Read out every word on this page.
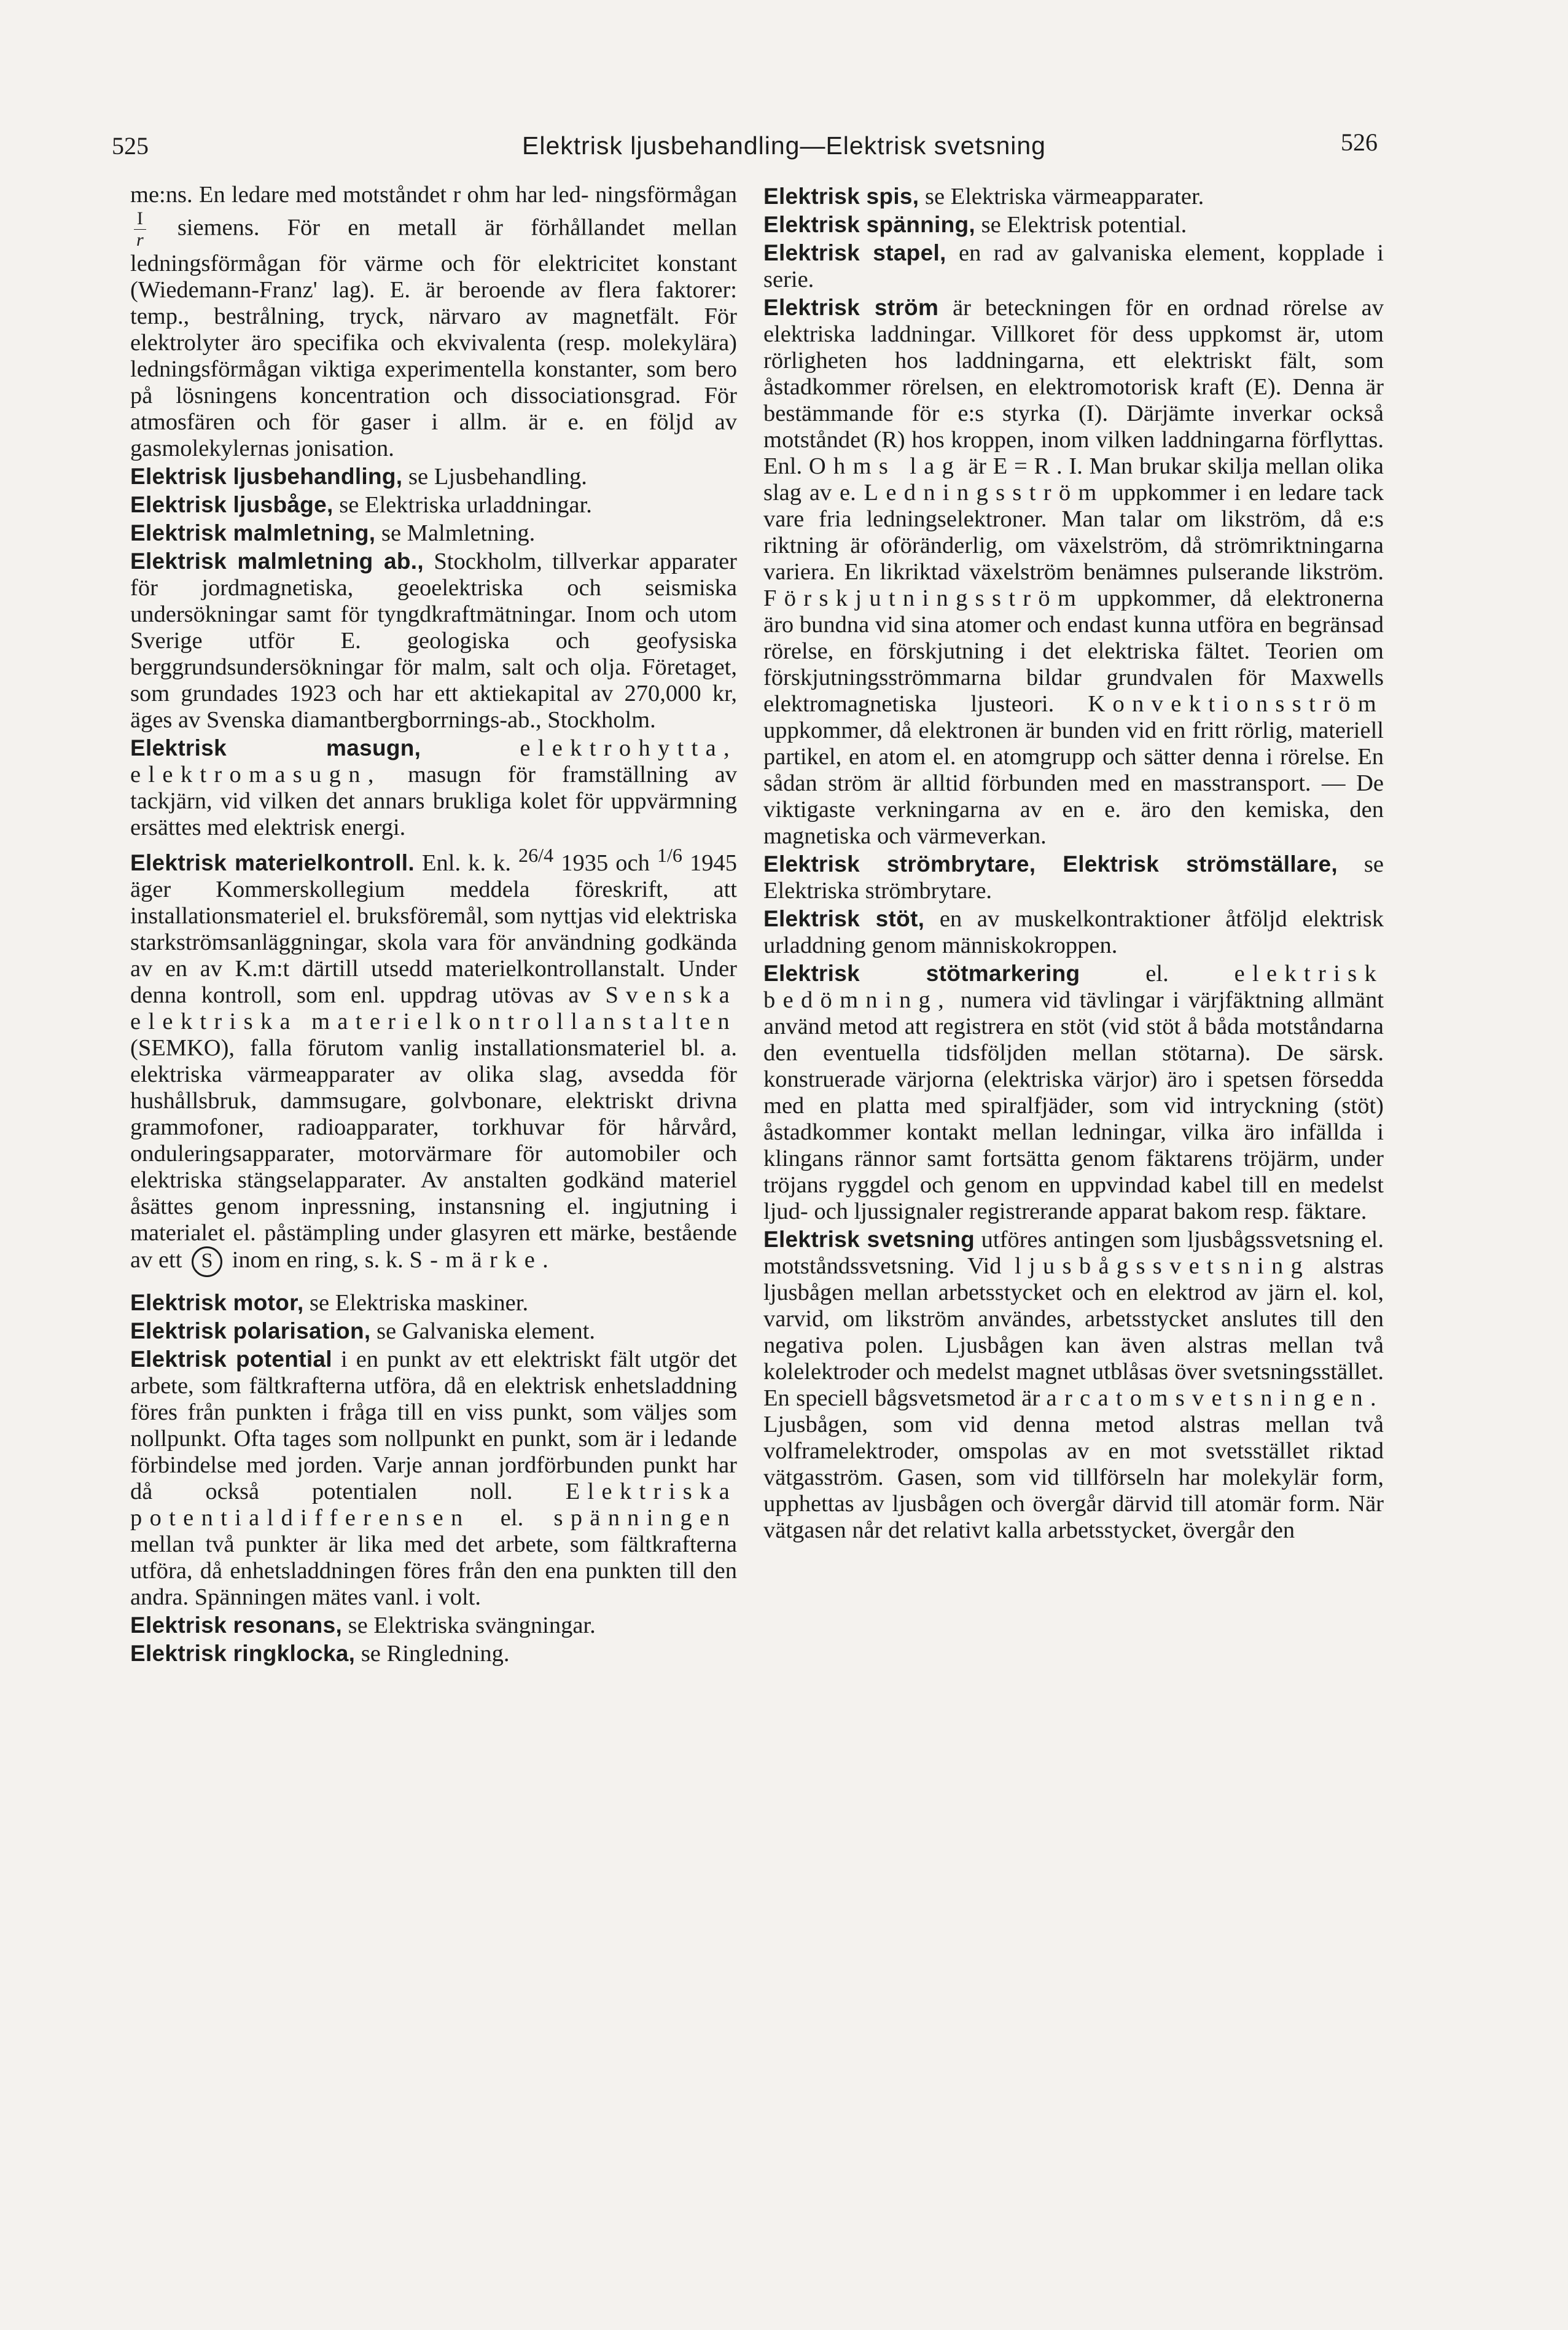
525	Elektrisk ljusbehandling—Elektrisk svetsning	526

me:ns. En ledare med motståndet r ohm har led- ningsförmågan
$\frac{I}{r}$ siemens. För en metall är förhållandet mellan ledningsförmågan för värme och för elektricitet konstant (Wiedemann-Franz' lag). E. är beroende av flera faktorer: temp., bestrålning, tryck, närvaro av magnetfält. För elektrolyter äro specifika och ekvivalenta (resp. molekylära) ledningsförmågan viktiga experimentella konstanter, som bero på lösningens koncentration och dissociationsgrad. För atmosfären och för gaser i allm. är e. en följd av gasmolekylernas jonisation.

Elektrisk ljusbehandling, se Ljusbehandling.

Elektrisk ljusbåge, se Elektriska urladdningar.

Elektrisk malmletning, se Malmletning.

Elektrisk malmletning ab., Stockholm, tillverkar apparater för jordmagnetiska, geoelektriska och seismiska undersökningar samt för tyngdkraftmätningar. Inom och utom Sverige utför E. geologiska och geofysiska berggrundsundersökningar för malm, salt och olja. Företaget, som grundades 1923 och har ett aktiekapital av 270,000 kr, äges av Svenska diamantbergborrnings-ab., Stockholm.

Elektrisk masugn,	elektrohytta, elektromasugn, masugn för framställning av tackjärn, vid vilken det annars brukliga kolet för uppvärmning ersättes med elektrisk energi.

Elektrisk materielkontroll. Enl. k. k. $^{26/4}$ 1935 och $^{1/6}$ 1945 äger Kommerskollegium meddela föreskrift, att installationsmateriel el. bruksföremål, som nyttjas vid elektriska starkströmsanläggningar, skola vara för användning godkända av en av K.m:t därtill utsedd materielkontrollanstalt. Under denna kontroll, som enl. uppdrag utövas av Svenska elektriska materielkontrollanstalten (SEMKO), falla förutom vanlig installationsmateriel bl. a. elektriska värmeapparater av olika slag, avsedda för hushållsbruk, dammsugare, golvbonare, elektriskt drivna grammofoner, radioapparater, torkhuvar för hårvård, onduleringsapparater, motorvärmare för automobiler och elektriska stängselapparater. Av anstalten godkänd materiel åsättes genom inpressning, instansning el. ingjutning i materialet el. påstämpling under glasyren ett märke, bestående av ett S inom en ring, s. k. S-märke.

Elektrisk motor, se Elektriska maskiner.

Elektrisk polarisation, se Galvaniska element.

Elektrisk potential i en punkt av ett elektriskt fält utgör det arbete, som fältkrafterna utföra, då en elektrisk enhetsladdning föres från punkten i fråga till en viss punkt, som väljes som nollpunkt. Ofta tages som nollpunkt en punkt, som är i ledande förbindelse med jorden. Varje annan jordförbunden punkt har då också potentialen noll. Elektriska potentialdifferensen el. spänningen mellan två punkter är lika med det arbete, som fältkrafterna utföra, då enhetsladdningen föres från den ena punkten till den andra. Spänningen mätes vanl. i volt.

Elektrisk resonans, se Elektriska svängningar.

Elektrisk ringklocka, se Ringledning.

Elektrisk spis, se Elektriska värmeapparater.

Elektrisk spänning, se Elektrisk potential.

Elektrisk stapel, en rad av galvaniska element, kopplade i serie.

Elektrisk ström är beteckningen för en ordnad rörelse av elektriska laddningar. Villkoret för dess uppkomst är, utom rörligheten hos laddningarna, ett elektriskt fält, som åstadkommer rörelsen, en elektromotorisk kraft (E). Denna är bestämmande för e:s styrka (I). Därjämte inverkar också motståndet (R) hos kroppen, inom vilken laddningarna förflyttas. Enl. Ohms lag är E = R . I. Man brukar skilja mellan olika slag av e. Ledningsström uppkommer i en ledare tack vare fria ledningselektroner. Man talar om likström, då e:s riktning är oföränderlig, om växelström, då strömriktningarna variera. En likriktad växelström benämnes pulserande likström. Förskjutningsström uppkommer, då elektronerna äro bundna vid sina atomer och endast kunna utföra en begränsad rörelse, en förskjutning i det elektriska fältet. Teorien om förskjutningsströmmarna bildar grundvalen för Maxwells elektromagnetiska ljusteori. Konvektionsström uppkommer, då elektronen är bunden vid en fritt rörlig, materiell partikel, en atom el. en atomgrupp och sätter denna i rörelse. En sådan ström är alltid förbunden med en masstransport. — De viktigaste verkningarna av en e. äro den kemiska, den magnetiska och värmeverkan.

Elektrisk strömbrytare, Elektrisk strömställare, se Elektriska strömbrytare.

Elektrisk stöt, en av muskelkontraktioner åtföljd elektrisk urladdning genom människokroppen.

Elektrisk stötmarkering	el.	elektrisk bedömning, numera vid tävlingar i värjfäktning allmänt använd metod att registrera en stöt (vid stöt å båda motståndarna den eventuella tidsföljden mellan stötarna). De särsk. konstruerade värjorna (elektriska värjor) äro i spetsen försedda med en platta med spiralfjäder, som vid intryckning (stöt) åstadkommer kontakt mellan ledningar, vilka äro infällda i klingans rännor samt fortsätta genom fäktarens tröjärm, under tröjans ryggdel och genom en uppvindad kabel till en medelst ljud- och ljussignaler registrerande apparat bakom resp. fäktare.

Elektrisk svetsning utföres antingen som ljusbågssvetsning el. motståndssvetsning. Vid ljusbågssvetsning alstras ljusbågen mellan arbetsstycket och en elektrod av järn el. kol, varvid, om likström användes, arbetsstycket anslutes till den negativa polen. Ljusbågen kan även alstras mellan två kolelektroder och medelst magnet utblåsas över svetsningsstället. En speciell bågsvetsmetod är arcatomsvetsningen. Ljusbågen, som vid denna metod alstras mellan två volframelektroder, omspolas av en mot svetsstället riktad vätgasström. Gasen, som vid tillförseln har molekylär form, upphettas av ljusbågen och övergår därvid till atomär form. När vätgasen når det relativt kalla arbetsstycket, övergår den
